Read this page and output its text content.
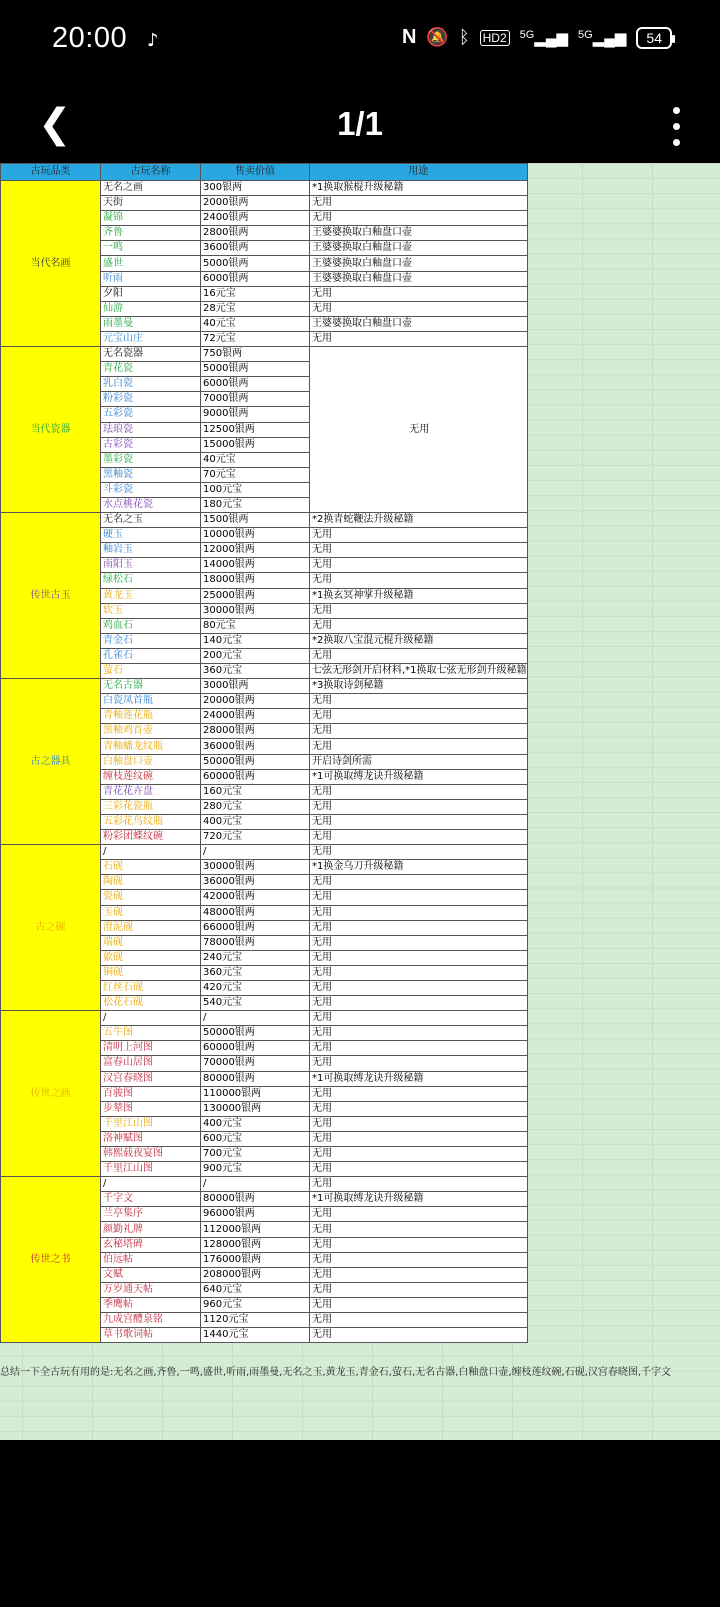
20:00 ♪	N 🔕 ᛒ HD2 $^{5G}$▂▄▆ $^{5G}$▂▄▆	54
❮	1/1
古玩品类	古玩名称	售卖价值	用途
当代名画	无名之画	300银两	*1换取猴棍升级秘籍
	天街	2000银两	无用
	凝锦	2400银两	无用
	齐鲁	2800银两	王婆婆换取白釉盘口壶
	一鸣	3600银两	王婆婆换取白釉盘口壶
	盛世	5000银两	王婆婆换取白釉盘口壶
	听雨	6000银两	王婆婆换取白釉盘口壶
	夕阳	16元宝	无用
	仙游	28元宝	无用
	雨墨曼	40元宝	王婆婆换取白釉盘口壶
	元宝山庄	72元宝	无用
当代瓷器	无名瓷器	750银两	无用
	青花瓷	5000银两	
	乳白瓷	6000银两	
	粉彩瓷	7000银两	
	五彩瓷	9000银两	
	珐琅瓷	12500银两	
	古彩瓷	15000银两	
	墨彩瓷	40元宝	
	黑釉瓷	70元宝	
	斗彩瓷	100元宝	
	水点桃花瓷	180元宝	
传世古玉	无名之玉	1500银两	*2换青蛇鞭法升级秘籍
	硬玉	10000银两	无用
	釉岩玉	12000银两	无用
	南阳玉	14000银两	无用
	绿松石	18000银两	无用
	黄龙玉	25000银两	*1换玄冥神掌升级秘籍
	软玉	30000银两	无用
	鸡血石	80元宝	无用
	青金石	140元宝	*2换取八宝混元棍升级秘籍
	孔雀石	200元宝	无用
	萤石	360元宝	七弦无形剑开启材料,*1换取七弦无形剑升级秘籍
古之器具	无名古器	3000银两	*3换取诗剑秘籍
	白瓷凤首瓶	20000银两	无用
	青釉莲花瓶	24000银两	无用
	黑釉鸡首壶	28000银两	无用
	青釉蟠龙纹瓶	36000银两	无用
	白釉盘口壶	50000银两	开启诗剑所需
	缠枝莲纹碗	60000银两	*1可换取缚龙诀升级秘籍
	青花花卉盘	160元宝	无用
	三彩花瓷瓶	280元宝	无用
	五彩花鸟纹瓶	400元宝	无用
	粉彩团蝶纹碗	720元宝	无用
古之砚	/	/	无用
	石砚	30000银两	*1换金乌刀升级秘籍
	陶砚	36000银两	无用
	瓷砚	42000银两	无用
	玉砚	48000银两	无用
	澄泥砚	66000银两	无用
	端砚	78000银两	无用
	歙砚	240元宝	无用
	铜砚	360元宝	无用
	红丝石砚	420元宝	无用
	松花石砚	540元宝	无用
传世之画	/	/	无用
	五牛图	50000银两	无用
	清明上河图	60000银两	无用
	富春山居图	70000银两	无用
	汉宫春晓图	80000银两	*1可换取缚龙诀升级秘籍
	百骏图	110000银两	无用
	步辇图	130000银两	无用
	千里江山图	400元宝	无用
	洛神赋图	600元宝	无用
	韩熙载夜宴图	700元宝	无用
	千里江山图	900元宝	无用
传世之书	/	/	无用
	千字文	80000银两	*1可换取缚龙诀升级秘籍
	兰亭集序	96000银两	无用
	颜勤礼牌	112000银两	无用
	玄秘塔碑	128000银两	无用
	伯远帖	176000银两	无用
	文赋	208000银两	无用
	万岁通天帖	640元宝	无用
	季鹰帖	960元宝	无用
	九成宫醴泉铭	1120元宝	无用
	草书歌词帖	1440元宝	无用
总结一下全古玩有用的是:无名之画,齐鲁,一鸣,盛世,听雨,雨墨曼,无名之玉,黄龙玉,青金石,萤石,无名古器,白釉盘口壶,缠枝莲纹碗,石砚,汉宫春晓图,千字文
